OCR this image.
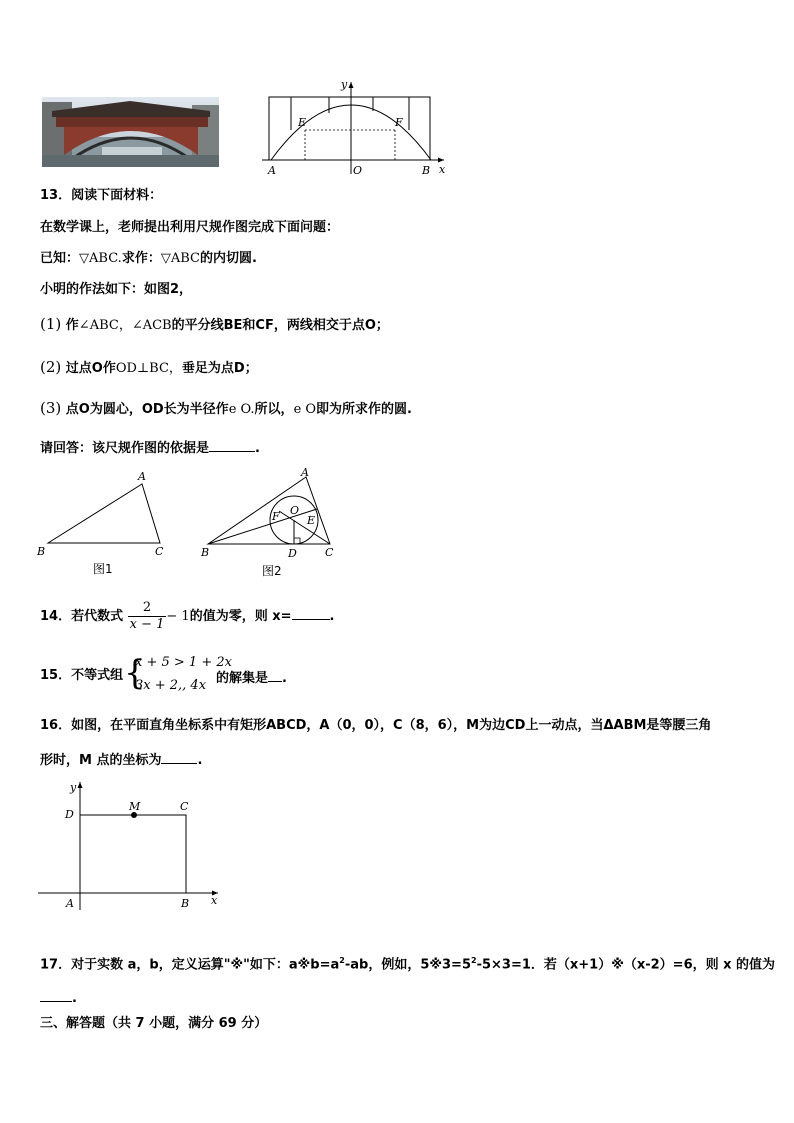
y
x
E	F
A	O	B
13．阅读下面材料：
在数学课上，老师提出利用尺规作图完成下面问题：
已知：▽ABC.求作：▽ABC的内切圆.
小明的作法如下：如图2，
(1) 作∠ABC，∠ACB的平分线BE和CF，两线相交于点O；
(2) 过点O作OD⊥BC，垂足为点D；
(3) 点O为圆心，OD长为半径作e O.所以，e O即为所求作的圆.
请回答：该尺规作图的依据是	.
A
B	C
图1
A
B	C
O
F E
D
图2
14．若代数式 $\frac{2}{x - 1} - 1$的值为零，则 x=	.
15．不等式组 {
x + 5 > 1 + 2x
3x + 2,, 4x 的解集是 .
16．如图，在平面直角坐标系中有矩形ABCD，A（0，0），C（8，6），M为边CD上一动点，当ΔABM是等腰三角
形时，M 点的坐标为	.
y
D
M	C
A	B x
17．对于实数 a，b，定义运算"※"如下：$a※b=a^2-ab$，例如，$5※3=5^2-5\times 3=1$．若（x+1）※（x-2）=6，则 x 的值为
.
三、解答题（共 7 小题，满分 69 分）
